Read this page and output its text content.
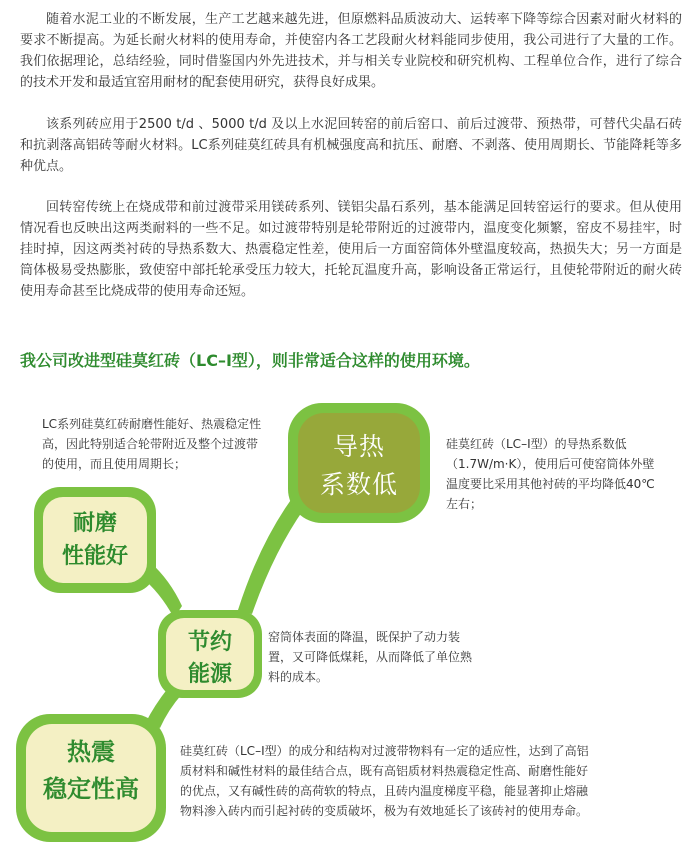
随着水泥工业的不断发展，生产工艺越来越先进，但原燃料品质波动大、运转率下降等综合因素对耐火材料的要求不断提高。为延长耐火材料的使用寿命，并使窑内各工艺段耐火材料能同步使用，我公司进行了大量的工作。我们依据理论，总结经验，同时借鉴国内外先进技术，并与相关专业院校和研究机构、工程单位合作，进行了综合的技术开发和最适宜窑用耐材的配套使用研究，获得良好成果。

该系列砖应用于2500 t/d 、5000 t/d 及以上水泥回转窑的前后窑口、前后过渡带、预热带，可替代尖晶石砖和抗剥落高铝砖等耐火材料。LC系列硅莫红砖具有机械强度高和抗压、耐磨、不剥落、使用周期长、节能降耗等多种优点。

回转窑传统上在烧成带和前过渡带采用镁砖系列、镁铝尖晶石系列，基本能满足回转窑运行的要求。但从使用情况看也反映出这两类耐料的一些不足。如过渡带特别是轮带附近的过渡带内，温度变化频繁，窑皮不易挂牢，时挂时掉，因这两类衬砖的导热系数大、热震稳定性差，使用后一方面窑筒体外壁温度较高，热损失大；另一方面是筒体极易受热膨胀，致使窑中部托轮承受压力较大，托轮瓦温度升高，影响设备正常运行，且使轮带附近的耐火砖使用寿命甚至比烧成带的使用寿命还短。

我公司改进型硅莫红砖（LC–Ⅰ型），则非常适合这样的使用环境。

导热
系数低
耐磨
性能好
节约
能源
热震
稳定性高

LC系列硅莫红砖耐磨性能好、热震稳定性高，因此特别适合轮带附近及整个过渡带的使用，而且使用周期长；

硅莫红砖（LC–Ⅰ型）的导热系数低（1.7W/m·K），使用后可使窑筒体外壁温度要比采用其他衬砖的平均降低40℃左右；

窑筒体表面的降温，既保护了动力装置，又可降低煤耗，从而降低了单位熟料的成本。

硅莫红砖（LC–Ⅰ型）的成分和结构对过渡带物料有一定的适应性，达到了高铝质材料和碱性材料的最佳结合点，既有高铝质材料热震稳定性高、耐磨性能好的优点，又有碱性砖的高荷软的特点，且砖内温度梯度平稳，能显著抑止熔融物料渗入砖内而引起衬砖的变质破坏，极为有效地延长了该砖衬的使用寿命。
